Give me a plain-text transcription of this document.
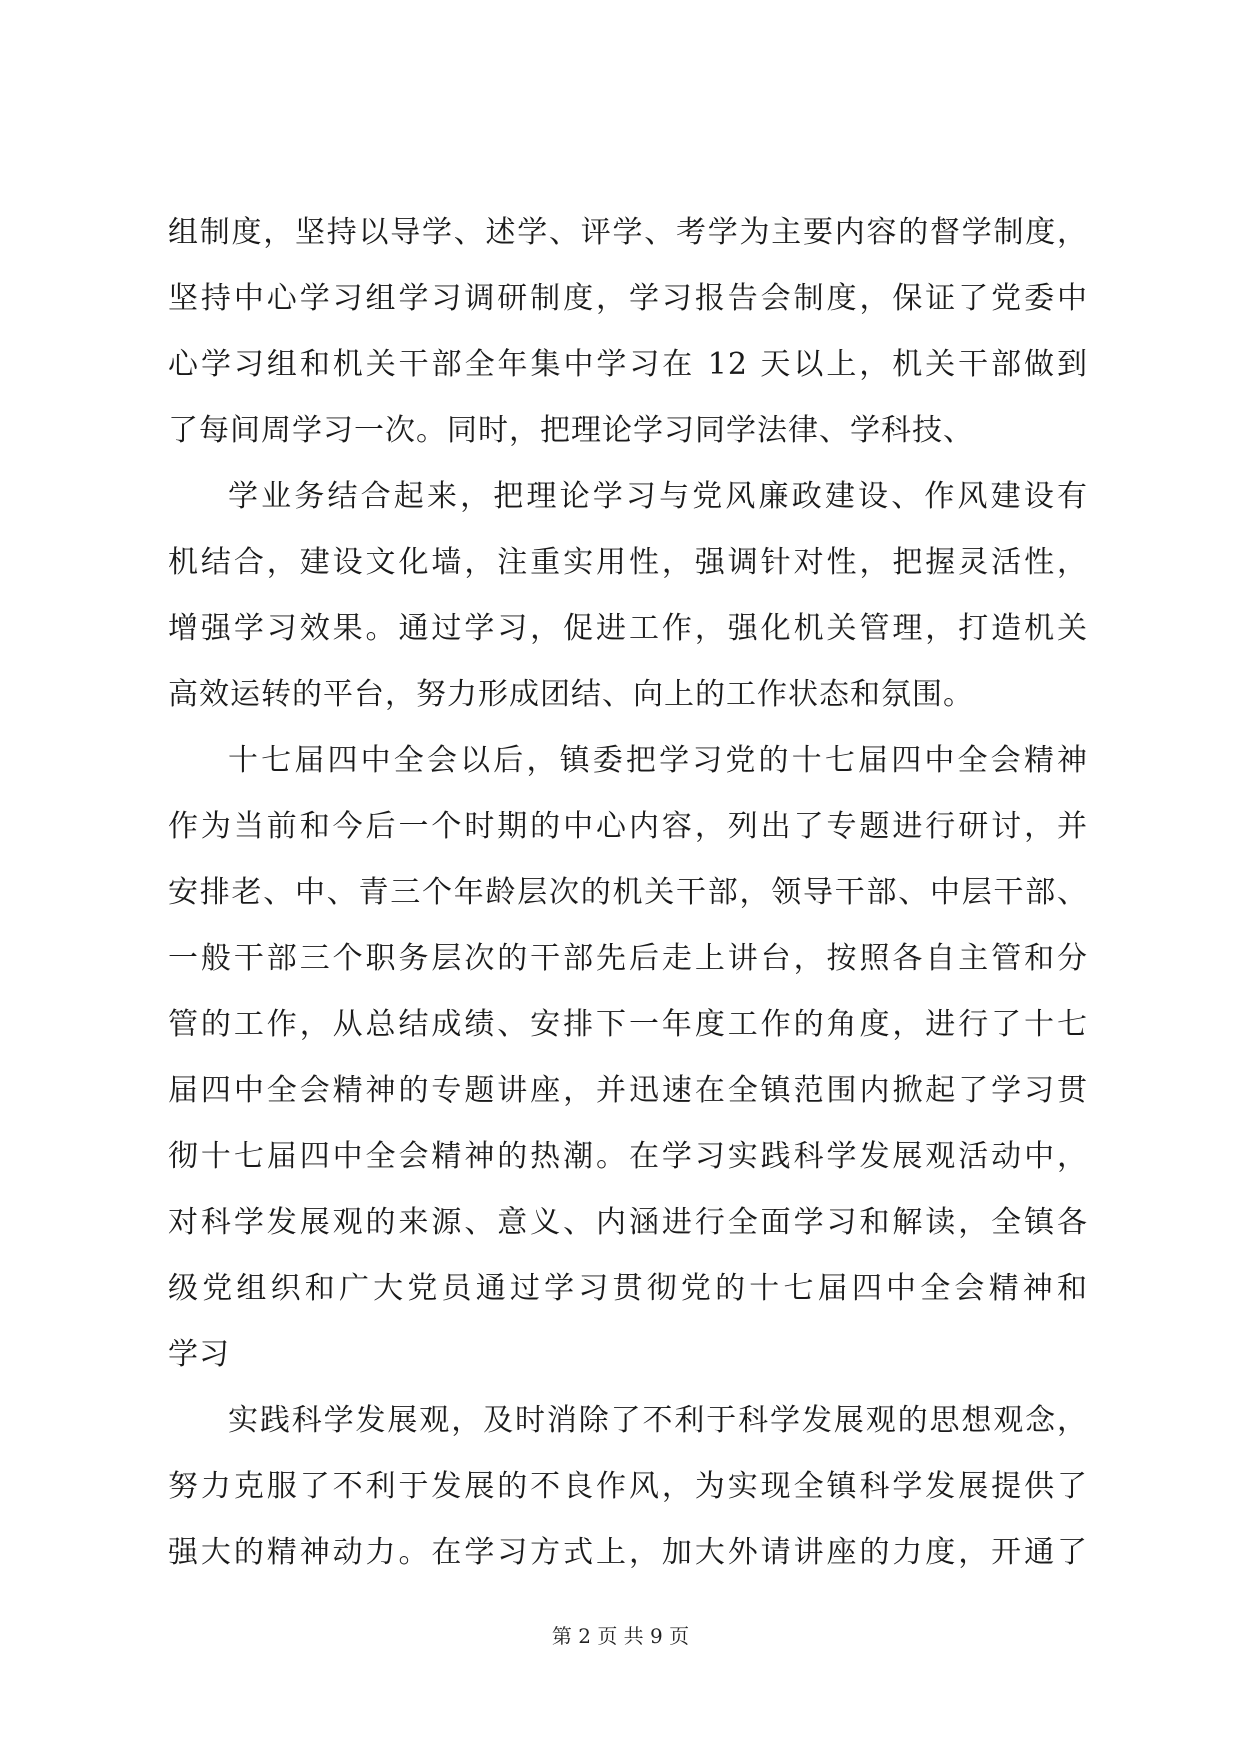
组制度，坚持以导学、述学、评学、考学为主要内容的督学制度，
坚持中心学习组学习调研制度，学习报告会制度，保证了党委中
心学习组和机关干部全年集中学习在 12 天以上，机关干部做到
了每间周学习一次。同时，把理论学习同学法律、学科技、
学业务结合起来，把理论学习与党风廉政建设、作风建设有
机结合，建设文化墙，注重实用性，强调针对性，把握灵活性，
增强学习效果。通过学习，促进工作，强化机关管理，打造机关
高效运转的平台，努力形成团结、向上的工作状态和氛围。
十七届四中全会以后，镇委把学习党的十七届四中全会精神
作为当前和今后一个时期的中心内容，列出了专题进行研讨，并
安排老、中、青三个年龄层次的机关干部，领导干部、中层干部、
一般干部三个职务层次的干部先后走上讲台，按照各自主管和分
管的工作，从总结成绩、安排下一年度工作的角度，进行了十七
届四中全会精神的专题讲座，并迅速在全镇范围内掀起了学习贯
彻十七届四中全会精神的热潮。在学习实践科学发展观活动中，
对科学发展观的来源、意义、内涵进行全面学习和解读，全镇各
级党组织和广大党员通过学习贯彻党的十七届四中全会精神和
学习
实践科学发展观，及时消除了不利于科学发展观的思想观念，
努力克服了不利于发展的不良作风，为实现全镇科学发展提供了
强大的精神动力。在学习方式上，加大外请讲座的力度，开通了
第 2 页 共 9 页
